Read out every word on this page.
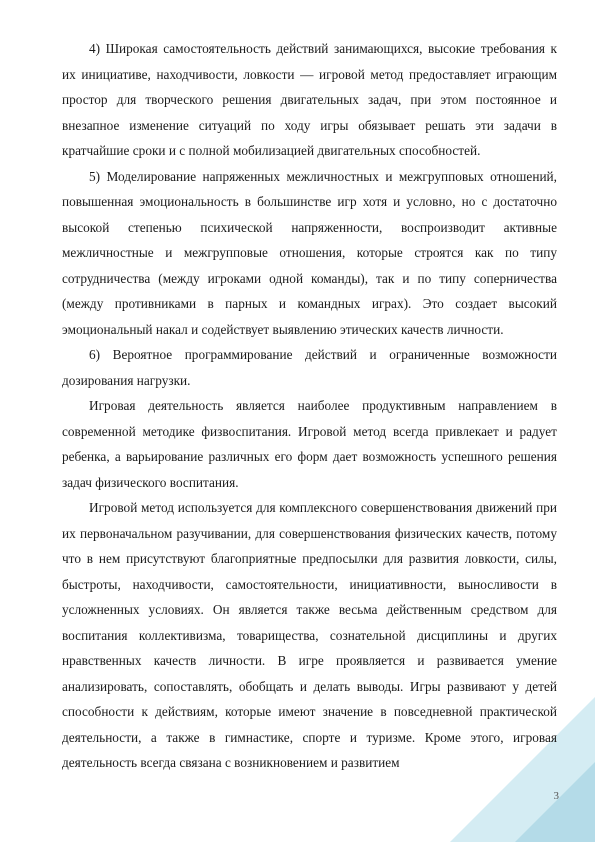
4) Широкая самостоятельность действий занимающихся, высокие требования к их инициативе, находчивости, ловкости — игровой метод предоставляет играющим простор для творческого решения двигательных задач, при этом постоянное и внезапное изменение ситуаций по ходу игры обязывает решать эти задачи в кратчайшие сроки и с полной мобилизацией двигательных способностей.

5) Моделирование напряженных межличностных и межгрупповых отношений, повышенная эмоциональность в большинстве игр хотя и условно, но с достаточно высокой степенью психической напряженности, воспроизводит активные межличностные и межгрупповые отношения, которые строятся как по типу сотрудничества (между игроками одной команды), так и по типу соперничества (между противниками в парных и командных играх). Это создает высокий эмоциональный накал и содействует выявлению этических качеств личности.

6) Вероятное программирование действий и ограниченные возможности дозирования нагрузки.

Игровая деятельность является наиболее продуктивным направлением в современной методике физвоспитания. Игровой метод всегда привлекает и радует ребенка, а варьирование различных его форм дает возможность успешного решения задач физического воспитания.

Игровой метод используется для комплексного совершенствования движений при их первоначальном разучивании, для совершенствования физических качеств, потому что в нем присутствуют благоприятные предпосылки для развития ловкости, силы, быстроты, находчивости, самостоятельности, инициативности, выносливости в усложненных условиях. Он является также весьма действенным средством для воспитания коллективизма, товарищества, сознательной дисциплины и других нравственных качеств личности. В игре проявляется и развивается умение анализировать, сопоставлять, обобщать и делать выводы. Игры развивают у детей способности к действиям, которые имеют значение в повседневной практической деятельности, а также в гимнастике, спорте и туризме. Кроме этого, игровая деятельность всегда связана с возникновением и развитием

3
